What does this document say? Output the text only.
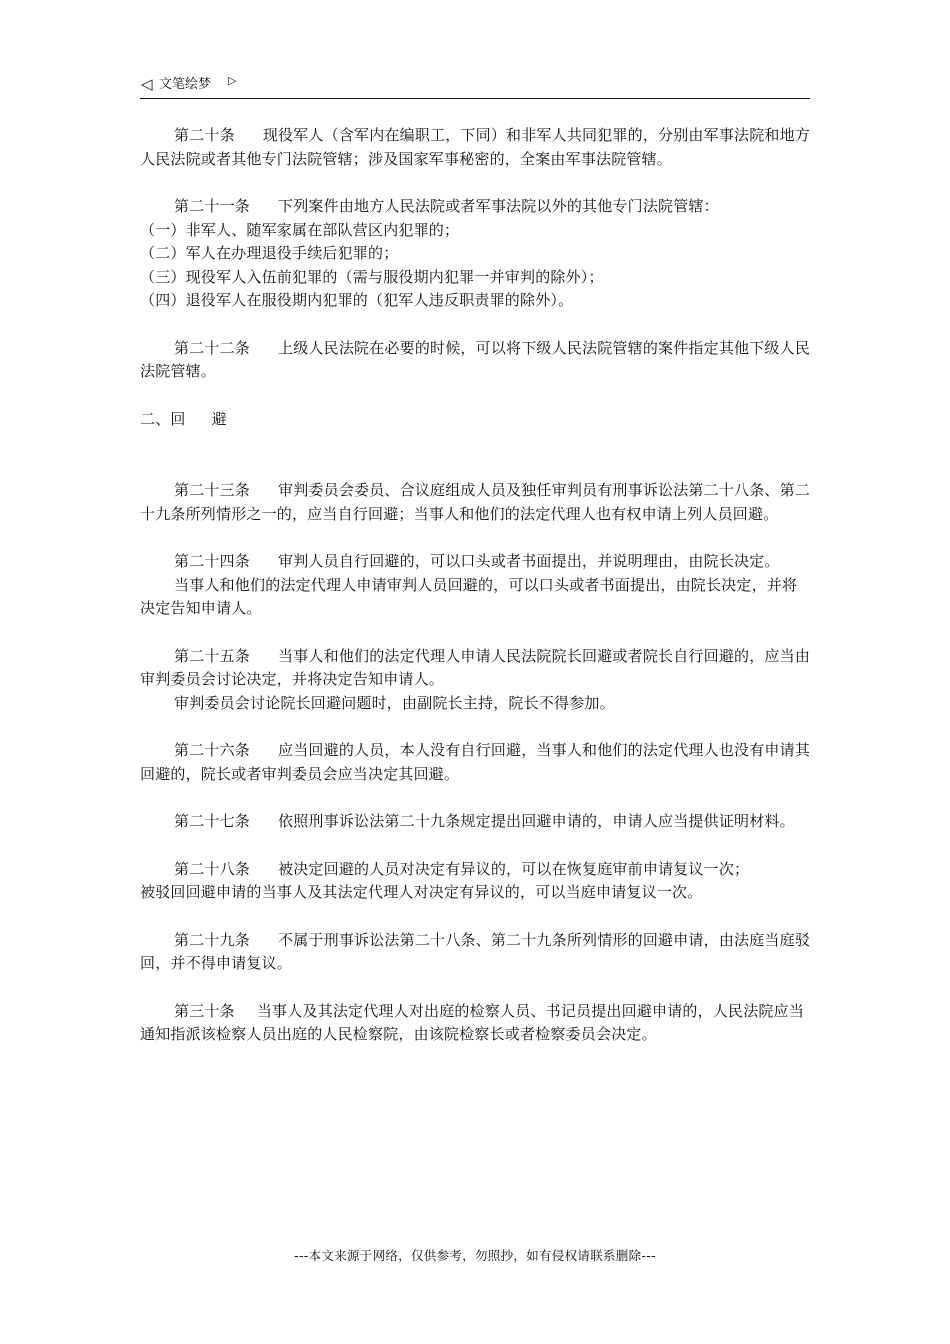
◁ 文笔绘梦 ▷

第二十条 现役军人（含军内在编职工，下同）和非军人共同犯罪的，分别由军事法院和地方人民法院或者其他专门法院管辖；涉及国家军事秘密的，全案由军事法院管辖。

第二十一条 下列案件由地方人民法院或者军事法院以外的其他专门法院管辖：

（一）非军人、随军家属在部队营区内犯罪的；

（二）军人在办理退役手续后犯罪的；

（三）现役军人入伍前犯罪的（需与服役期内犯罪一并审判的除外）；

（四）退役军人在服役期内犯罪的（犯军人违反职责罪的除外）。

第二十二条 上级人民法院在必要的时候，可以将下级人民法院管辖的案件指定其他下级人民法院管辖。

二、回 避

第二十三条 审判委员会委员、合议庭组成人员及独任审判员有刑事诉讼法第二十八条、第二十九条所列情形之一的，应当自行回避；当事人和他们的法定代理人也有权申请上列人员回避。

第二十四条 审判人员自行回避的，可以口头或者书面提出，并说明理由，由院长决定。

当事人和他们的法定代理人申请审判人员回避的，可以口头或者书面提出，由院长决定，并将决定告知申请人。

第二十五条 当事人和他们的法定代理人申请人民法院院长回避或者院长自行回避的，应当由审判委员会讨论决定，并将决定告知申请人。

审判委员会讨论院长回避问题时，由副院长主持，院长不得参加。

第二十六条 应当回避的人员，本人没有自行回避，当事人和他们的法定代理人也没有申请其回避的，院长或者审判委员会应当决定其回避。

第二十七条 依照刑事诉讼法第二十九条规定提出回避申请的，申请人应当提供证明材料。

第二十八条 被决定回避的人员对决定有异议的，可以在恢复庭审前申请复议一次；

被驳回回避申请的当事人及其法定代理人对决定有异议的，可以当庭申请复议一次。

第二十九条 不属于刑事诉讼法第二十八条、第二十九条所列情形的回避申请，由法庭当庭驳回，并不得申请复议。

第三十条 当事人及其法定代理人对出庭的检察人员、书记员提出回避申请的，人民法院应当通知指派该检察人员出庭的人民检察院，由该院检察长或者检察委员会决定。

---本文来源于网络，仅供参考，勿照抄，如有侵权请联系删除---
